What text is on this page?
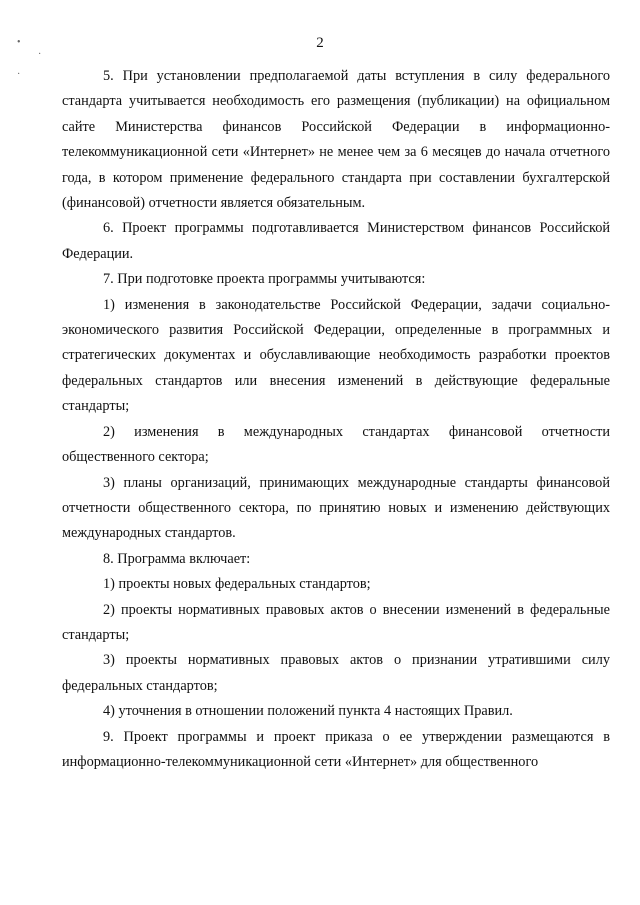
•
·
·
2

5. При установлении предполагаемой даты вступления в силу федерального стандарта учитывается необходимость его размещения (публикации) на официальном сайте Министерства финансов Российской Федерации в информационно-телекоммуникационной сети «Интернет» не менее чем за 6 месяцев до начала отчетного года, в котором применение федерального стандарта при составлении бухгалтерской (финансовой) отчетности является обязательным.

6. Проект программы подготавливается Министерством финансов Российской Федерации.

7. При подготовке проекта программы учитываются:

1) изменения в законодательстве Российской Федерации, задачи социально-экономического развития Российской Федерации, определенные в программных и стратегических документах и обуславливающие необходимость разработки проектов федеральных стандартов или внесения изменений в действующие федеральные стандарты;

2) изменения в международных стандартах финансовой отчетности общественного сектора;

3) планы организаций, принимающих международные стандарты финансовой отчетности общественного сектора, по принятию новых и изменению действующих международных стандартов.

8. Программа включает:

1) проекты новых федеральных стандартов;

2) проекты нормативных правовых актов о внесении изменений в федеральные стандарты;

3) проекты нормативных правовых актов о признании утратившими силу федеральных стандартов;

4) уточнения в отношении положений пункта 4 настоящих Правил.

9. Проект программы и проект приказа о ее утверждении размещаются в информационно-телекоммуникационной сети «Интернет» для общественного
